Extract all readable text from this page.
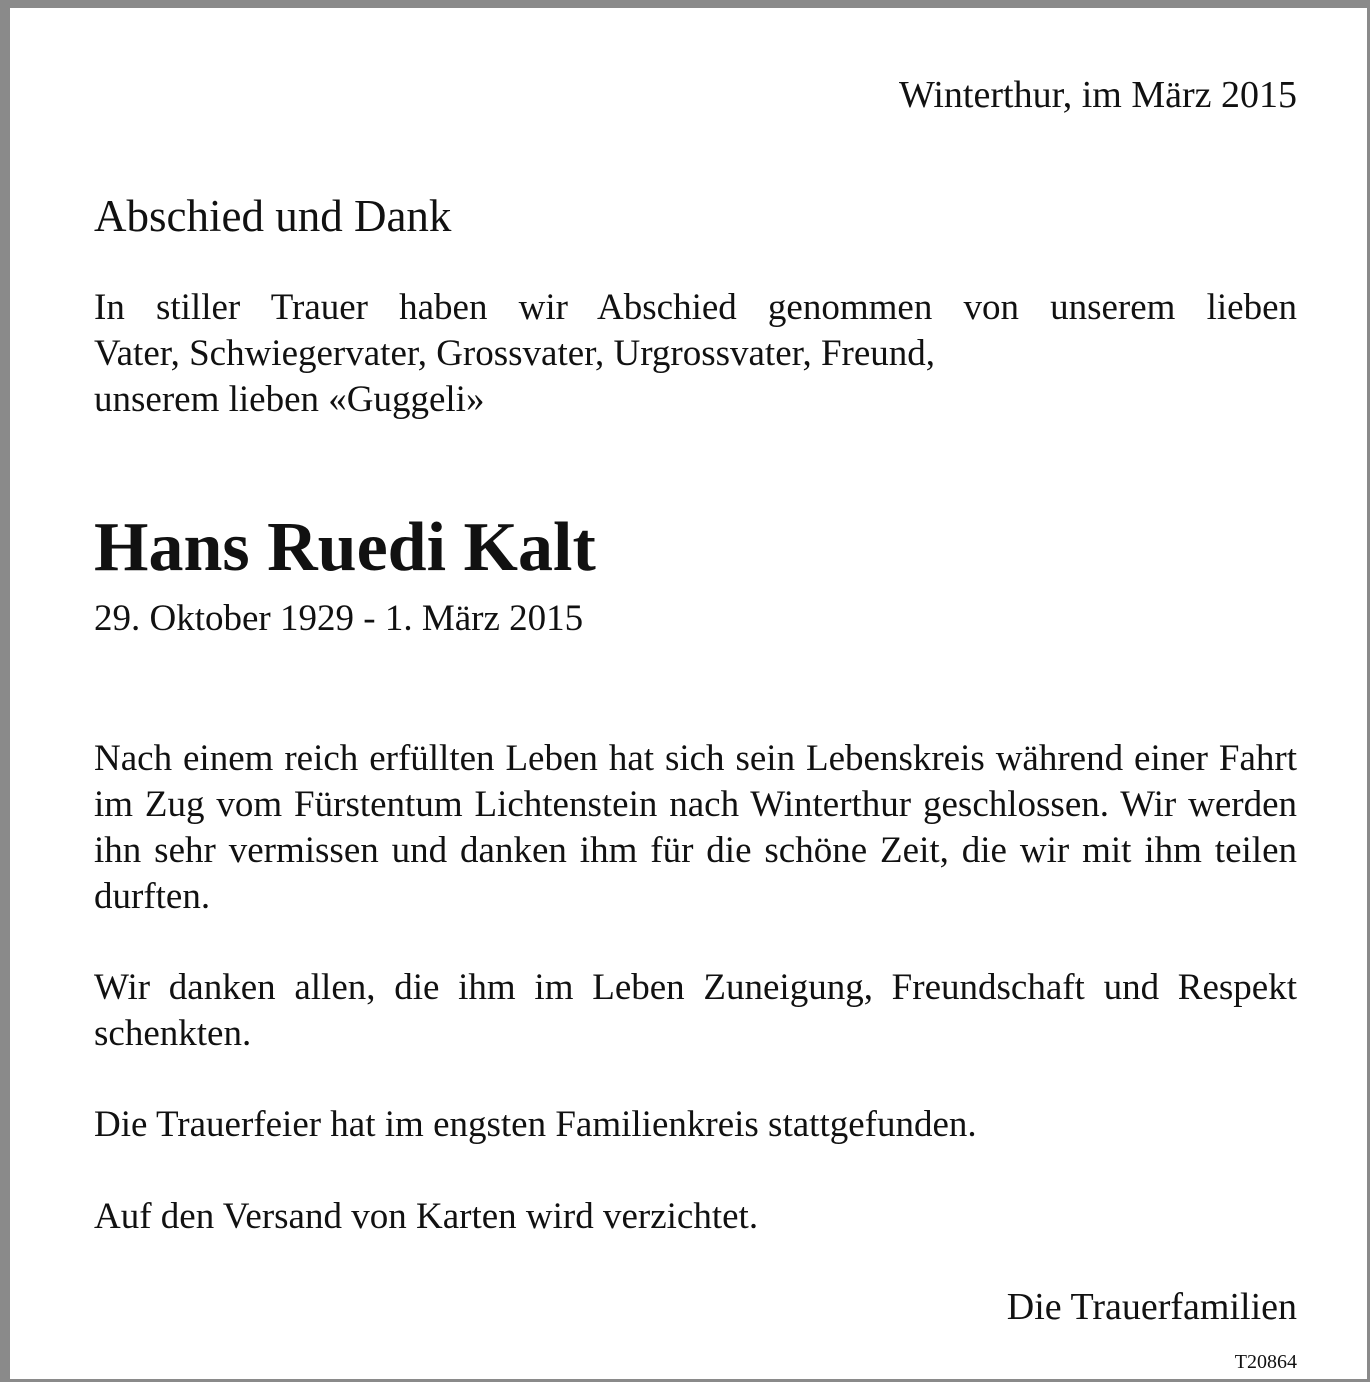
Winterthur, im März 2015
Abschied und Dank
In stiller Trauer haben wir Abschied genommen von unserem lieben
Vater, Schwiegervater, Grossvater, Urgrossvater, Freund,
unserem lieben «Guggeli»
Hans Ruedi Kalt
29. Oktober 1929 - 1. März 2015
Nach einem reich erfüllten Leben hat sich sein Lebenskreis während einer Fahrt im Zug vom Fürstentum Lichtenstein nach Winterthur geschlossen. Wir werden ihn sehr vermissen und danken ihm für die schöne Zeit, die wir mit ihm teilen durften.
Wir danken allen, die ihm im Leben Zuneigung, Freundschaft und Respekt schenkten.
Die Trauerfeier hat im engsten Familienkreis stattgefunden.
Auf den Versand von Karten wird verzichtet.
Die Trauerfamilien
T20864
